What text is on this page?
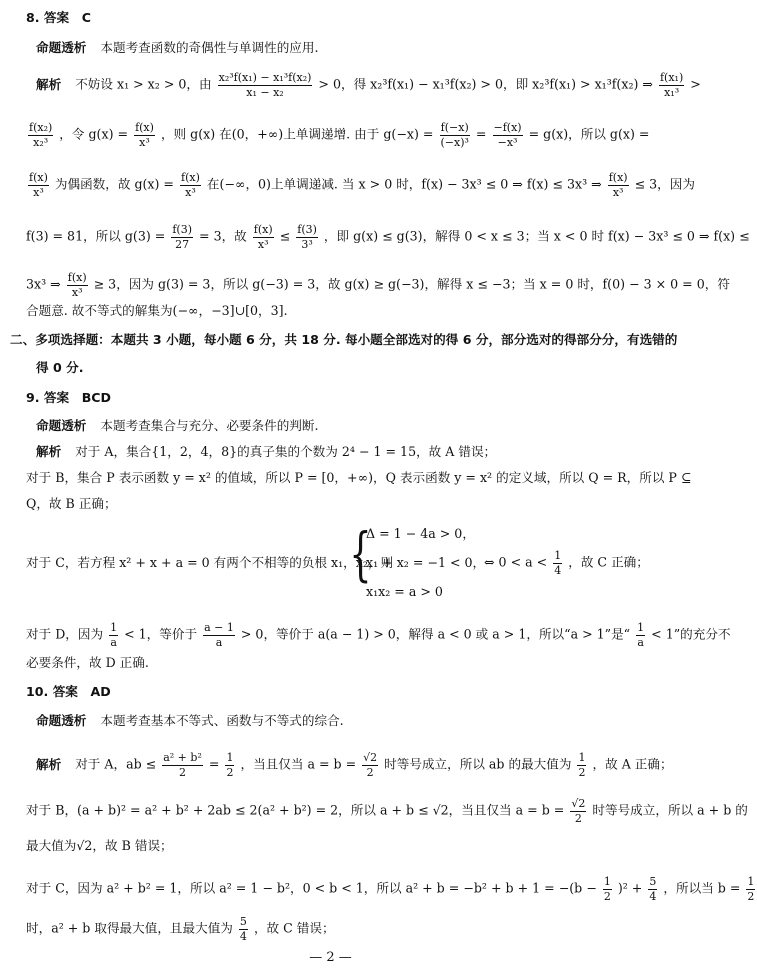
8. 答案　C
命题透析 本题考查函数的奇偶性与单调性的应用.
解析 不妨设 x₁ > x₂ > 0，由 $\frac{\text{x₂³f(x₁) − x₁³f(x₂)}}{\text{x₁ − x₂}} > 0$，得 x₂³f(x₁) − x₁³f(x₂) > 0，即 x₂³f(x₁) > x₁³f(x₂) ⇒ $\frac{\text{f(x₁)}}{\text{x₁³}}$ >
$\frac{\text{f(x₂)}}{\text{x₂³}}$ ，令 $g(x) = \frac{f(x)}{\text{x³}}$ ，则 g(x) 在(0，+∞)上单调递增. 由于 $g(-x) = \frac{f(-x)}{\text{(−x)³}} = \frac{-f(x)}{\text{−x³}} = g(x)$，所以 g(x) =
$\frac{f(x)}{\text{x³}}$ 为偶函数，故 $g(x) = \frac{f(x)}{\text{x³}}$ 在(−∞，0)上单调递减. 当 x > 0 时，f(x) − 3x³ ≤ 0 ⇒ f(x) ≤ 3x³ ⇒ $\frac{f(x)}{\text{x³}} \le 3$，因为
f(3) = 81，所以 $g(3) = \frac{f(3)}{27} = 3$，故 $\frac{f(x)}{\text{x³}} \le \frac{f(3)}{\text{3³}}$ ，即 g(x) ≤ g(3)，解得 0 < x ≤ 3；当 x < 0 时 f(x) − 3x³ ≤ 0 ⇒ f(x) ≤
3x³ ⇒ $\frac{f(x)}{\text{x³}} \ge 3$，因为 g(3) = 3，所以 g(−3) = 3，故 g(x) ≥ g(−3)，解得 x ≤ −3；当 x = 0 时，f(0) − 3 × 0 = 0，符
合题意. 故不等式的解集为(−∞，−3]∪[0，3].
二、多项选择题：本题共 3 小题，每小题 6 分，共 18 分. 每小题全部选对的得 6 分，部分选对的得部分分，有选错的
得 0 分.
9. 答案　BCD
命题透析 本题考查集合与充分、必要条件的判断.
解析 对于 A，集合{1，2，4，8}的真子集的个数为 2⁴ − 1 = 15，故 A 错误；
对于 B，集合 P 表示函数 y = x² 的值域，所以 P = [0，+∞)，Q 表示函数 y = x² 的定义域，所以 Q = R，所以 P ⊆
Q，故 B 正确；
对于 C，若方程 x² + x + a = 0 有两个不相等的负根 x₁，x₂，则
{
Δ = 1 − 4a > 0，
x₁ + x₂ = −1 < 0，
x₁x₂ = a > 0
⇔ $0 < a < \frac{1}{4}$ ，故 C 正确；
对于 D，因为 $\frac{1}{a} < 1$，等价于 $\frac{a - 1}{a} > 0$，等价于 a(a − 1) > 0，解得 a < 0 或 a > 1，所以“a > 1”是“ $\frac{1}{a} < 1$”的充分不
必要条件，故 D 正确.
10. 答案　AD
命题透析 本题考查基本不等式、函数与不等式的综合.
解析 对于 A，ab ≤ $\frac{\text{a² + b²}}{2} = \frac{1}{2}$ ，当且仅当 $a = b = \frac{√2}{2}$ 时等号成立，所以 ab 的最大值为 $\frac{1}{2}$ ，故 A 正确；
对于 B，(a + b)² = a² + b² + 2ab ≤ 2(a² + b²) = 2，所以 a + b ≤ √2，当且仅当 $a = b = \frac{√2}{2}$ 时等号成立，所以 a + b 的
最大值为√2，故 B 错误；
对于 C，因为 a² + b² = 1，所以 a² = 1 − b²，0 < b < 1，所以 $a^2 + b = -b^2 + b + 1 = -(b - \frac{1}{2} )^2 + \frac{5}{4}$ ，所以当 $b = \frac{1}{2}$
时，a² + b 取得最大值，且最大值为 $\frac{5}{4}$ ，故 C 错误；
— 2 —
